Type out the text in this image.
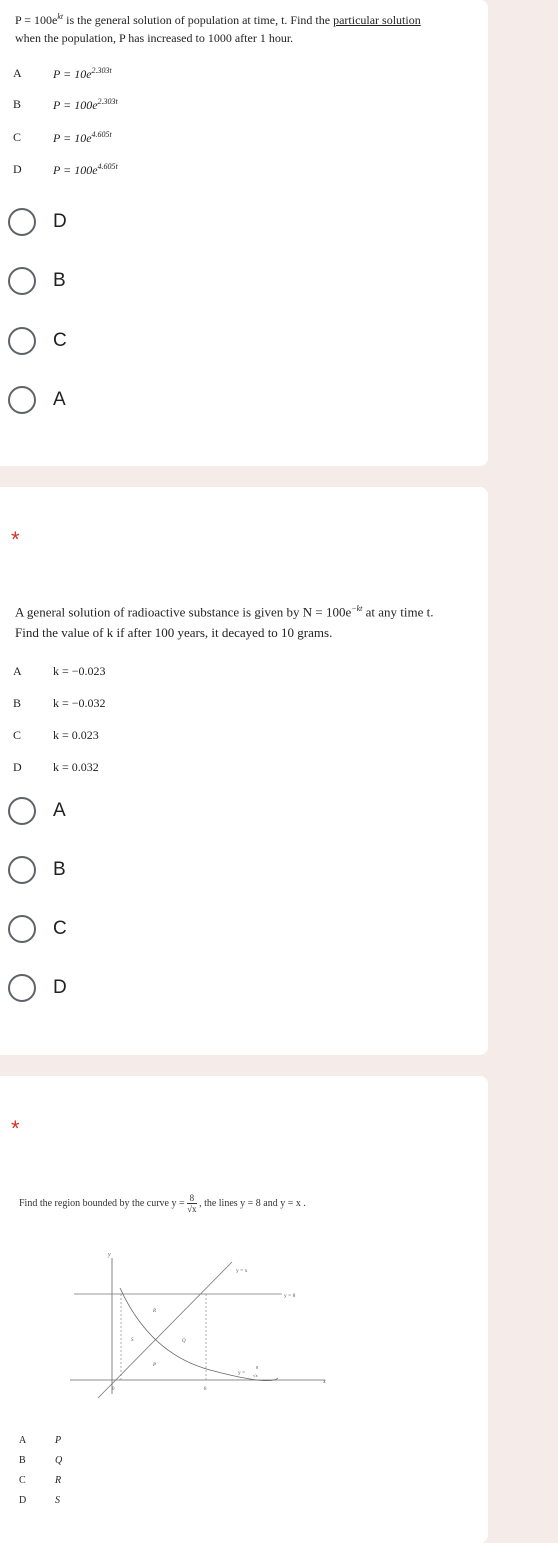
$P = 100e^{kt}$ is the general solution of population at time, t. Find the particular solution
when the population, P has increased to 1000 after 1 hour.
A	$P = 10e^{2.303t}$
B	$P = 100e^{2.303t}$
C	$P = 10e^{4.605t}$
D	$P = 100e^{4.605t}$
D
B
C
A
*
A general solution of radioactive substance is given by $N = 100e^{-kt}$ at any time t.
Find the value of k if after 100 years, it decayed to 10 grams.
A	k = −0.023
B	k = −0.032
C	k = 0.023
D	k = 0.032
A
B
C
D
*
Find the region bounded by the curve $y = \frac{8}{√x}$ , the lines y = 8 and y = x .
y
x
y = 8
y = x
y =
8
√x
R
S	Q
P
0	8
A	P
B	Q
C	R
D	S
